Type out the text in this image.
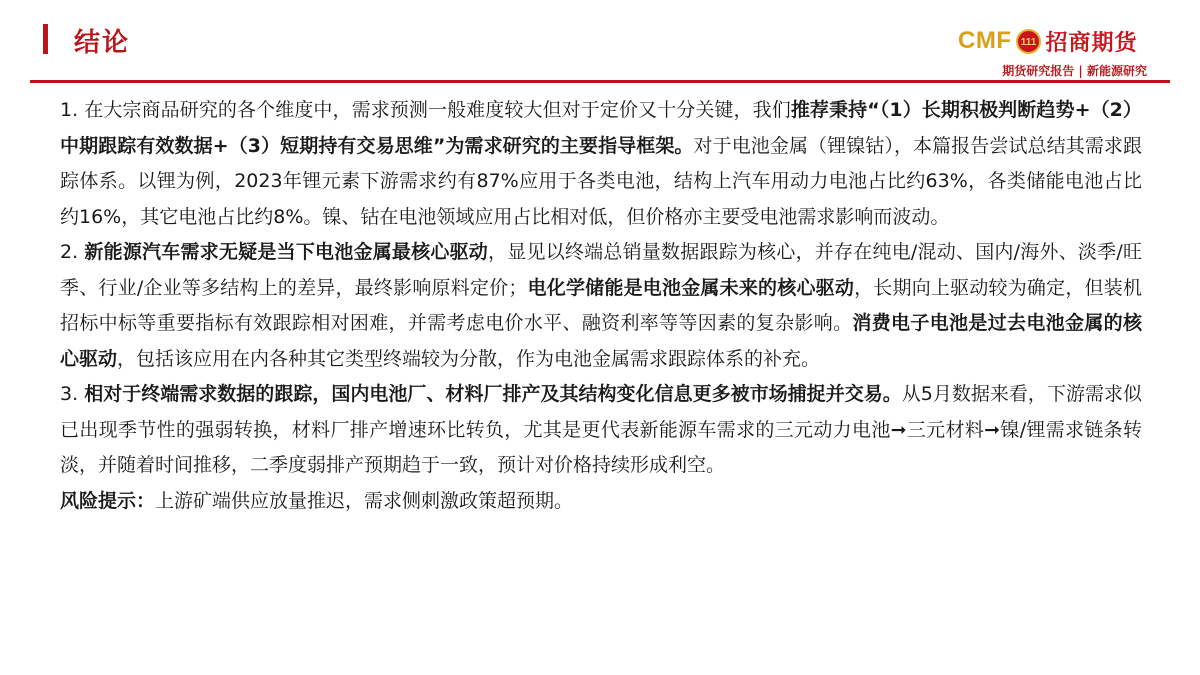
结论	CMF 111 招商期货
期货研究报告 | 新能源研究

1. 在大宗商品研究的各个维度中，需求预测一般难度较大但对于定价又十分关键，我们推荐秉持“（1）长期积极判断趋势+（2）中期跟踪有效数据+（3）短期持有交易思维”为需求研究的主要指导框架。对于电池金属（锂镍钴），本篇报告尝试总结其需求跟踪体系。以锂为例，2023年锂元素下游需求约有87%应用于各类电池，结构上汽车用动力电池占比约63%，各类储能电池占比约16%，其它电池占比约8%。镍、钴在电池领域应用占比相对低，但价格亦主要受电池需求影响而波动。

2. 新能源汽车需求无疑是当下电池金属最核心驱动，显见以终端总销量数据跟踪为核心，并存在纯电/混动、国内/海外、淡季/旺季、行业/企业等多结构上的差异，最终影响原料定价；电化学储能是电池金属未来的核心驱动，长期向上驱动较为确定，但装机招标中标等重要指标有效跟踪相对困难，并需考虑电价水平、融资利率等等因素的复杂影响。消费电子电池是过去电池金属的核心驱动，包括该应用在内各种其它类型终端较为分散，作为电池金属需求跟踪体系的补充。

3. 相对于终端需求数据的跟踪，国内电池厂、材料厂排产及其结构变化信息更多被市场捕捉并交易。从5月数据来看，下游需求似已出现季节性的强弱转换，材料厂排产增速环比转负，尤其是更代表新能源车需求的三元动力电池➞三元材料➞镍/锂需求链条转淡，并随着时间推移，二季度弱排产预期趋于一致，预计对价格持续形成利空。

风险提示：上游矿端供应放量推迟，需求侧刺激政策超预期。
